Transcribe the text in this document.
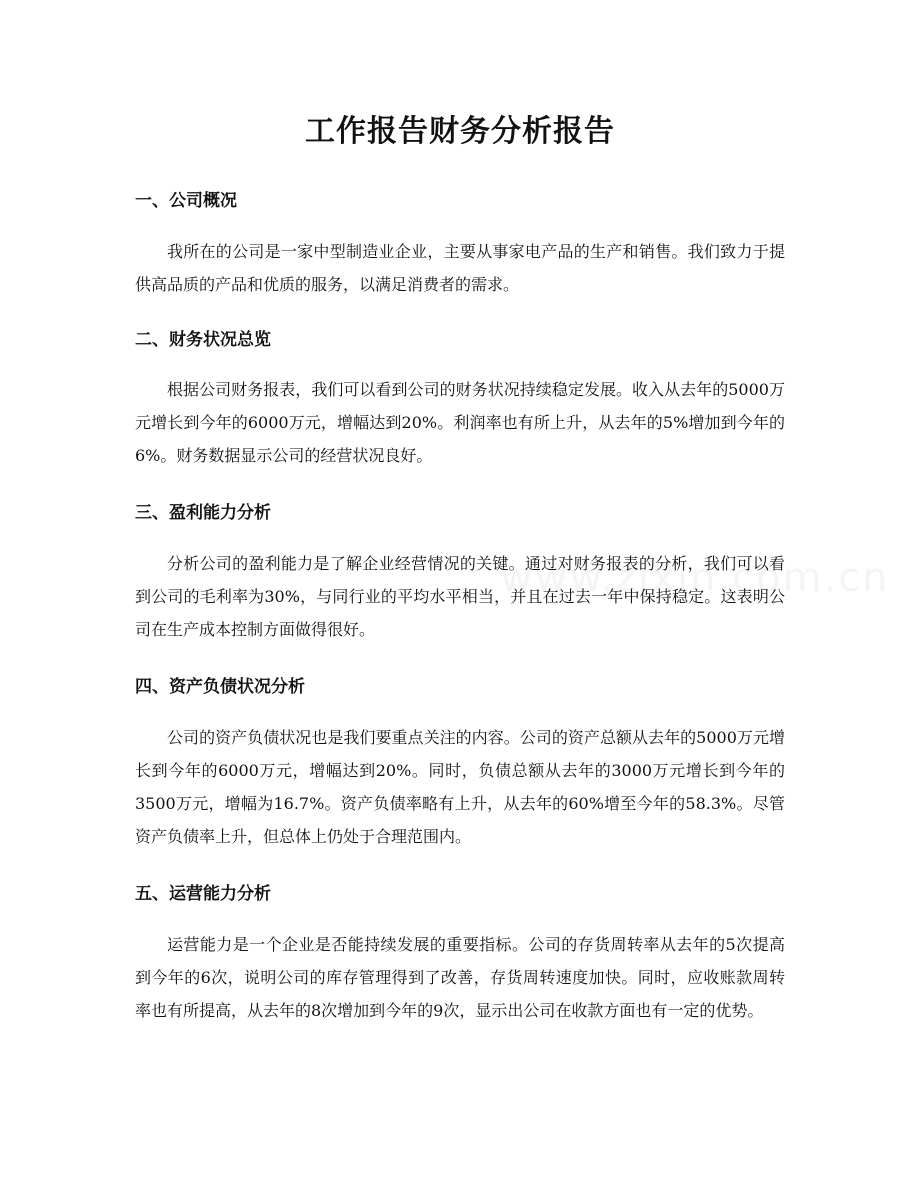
工作报告财务分析报告
一、公司概况

我所在的公司是一家中型制造业企业，主要从事家电产品的生产和销售。我们致力于提供高品质的产品和优质的服务，以满足消费者的需求。

二、财务状况总览

根据公司财务报表，我们可以看到公司的财务状况持续稳定发展。收入从去年的5000万元增长到今年的6000万元，增幅达到20%。利润率也有所上升，从去年的5%增加到今年的6%。财务数据显示公司的经营状况良好。

三、盈利能力分析

分析公司的盈利能力是了解企业经营情况的关键。通过对财务报表的分析，我们可以看到公司的毛利率为30%，与同行业的平均水平相当，并且在过去一年中保持稳定。这表明公司在生产成本控制方面做得很好。

四、资产负债状况分析

公司的资产负债状况也是我们要重点关注的内容。公司的资产总额从去年的5000万元增长到今年的6000万元，增幅达到20%。同时，负债总额从去年的3000万元增长到今年的3500万元，增幅为16.7%。资产负债率略有上升，从去年的60%增至今年的58.3%。尽管资产负债率上升，但总体上仍处于合理范围内。

五、运营能力分析

运营能力是一个企业是否能持续发展的重要指标。公司的存货周转率从去年的5次提高到今年的6次，说明公司的库存管理得到了改善，存货周转速度加快。同时，应收账款周转率也有所提高，从去年的8次增加到今年的9次，显示出公司在收款方面也有一定的优势。
